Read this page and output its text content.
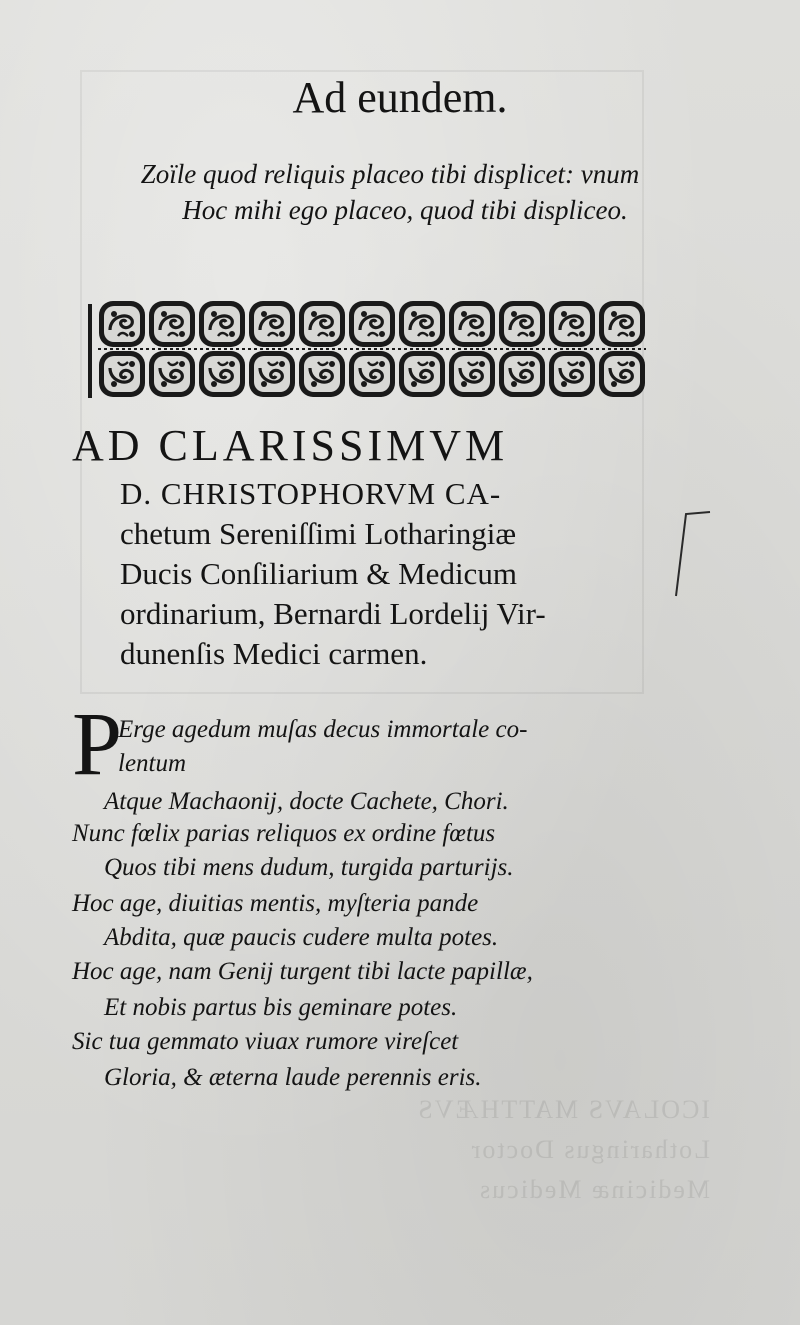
ICOLAVS MATTHÆVS
Lotharingus Doctor
Medicinæ Medicus
Ad eundem.
Zoïle quod reliquis placeo tibi displicet: vnum
Hoc mihi ego placeo, quod tibi displiceo.
AD CLARISSIMVM
D. CHRISTOPHORVM CA-
chetum Sereniſſimi Lotharingiæ
Ducis Conſiliarium & Medicum
ordinarium, Bernardi Lordelij Vir-
dunenſis Medici carmen.
P
Erge agedum muſas decus immortale co-
lentum
Atque Machaonij, docte Cachete, Chori.
Nunc fœlix parias reliquos ex ordine fœtus
Quos tibi mens dudum, turgida parturijs.
Hoc age, diuitias mentis, myſteria pande
Abdita, quæ paucis cudere multa potes.
Hoc age, nam Genij turgent tibi lacte papillæ,
Et nobis partus bis geminare potes.
Sic tua gemmato viuax rumore vireſcet
Gloria, & æterna laude perennis eris.
